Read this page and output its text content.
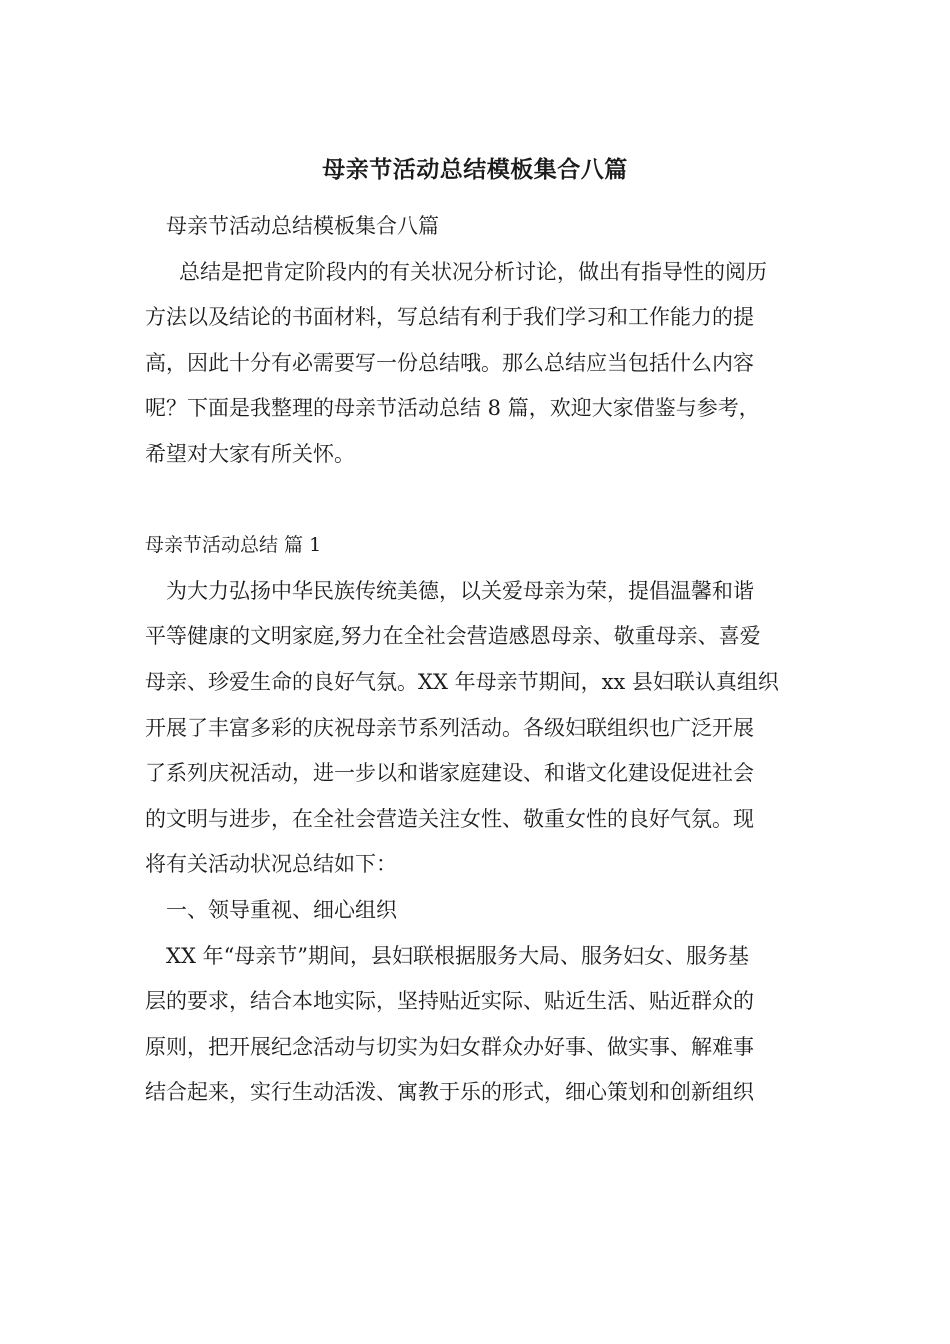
母亲节活动总结模板集合八篇
母亲节活动总结模板集合八篇
总结是把肯定阶段内的有关状况分析讨论，做出有指导性的阅历
方法以及结论的书面材料，写总结有利于我们学习和工作能力的提
高，因此十分有必需要写一份总结哦。那么总结应当包括什么内容
呢？下面是我整理的母亲节活动总结 8 篇，欢迎大家借鉴与参考，
希望对大家有所关怀。
母亲节活动总结 篇 1
为大力弘扬中华民族传统美德，以关爱母亲为荣，提倡温馨和谐
平等健康的文明家庭,努力在全社会营造感恩母亲、敬重母亲、喜爱
母亲、珍爱生命的良好气氛。XX 年母亲节期间，xx 县妇联认真组织
开展了丰富多彩的庆祝母亲节系列活动。各级妇联组织也广泛开展
了系列庆祝活动，进一步以和谐家庭建设、和谐文化建设促进社会
的文明与进步，在全社会营造关注女性、敬重女性的良好气氛。现
将有关活动状况总结如下：
一、领导重视、细心组织
XX 年“母亲节”期间，县妇联根据服务大局、服务妇女、服务基
层的要求，结合本地实际，坚持贴近实际、贴近生活、贴近群众的
原则，把开展纪念活动与切实为妇女群众办好事、做实事、解难事
结合起来，实行生动活泼、寓教于乐的形式，细心策划和创新组织
